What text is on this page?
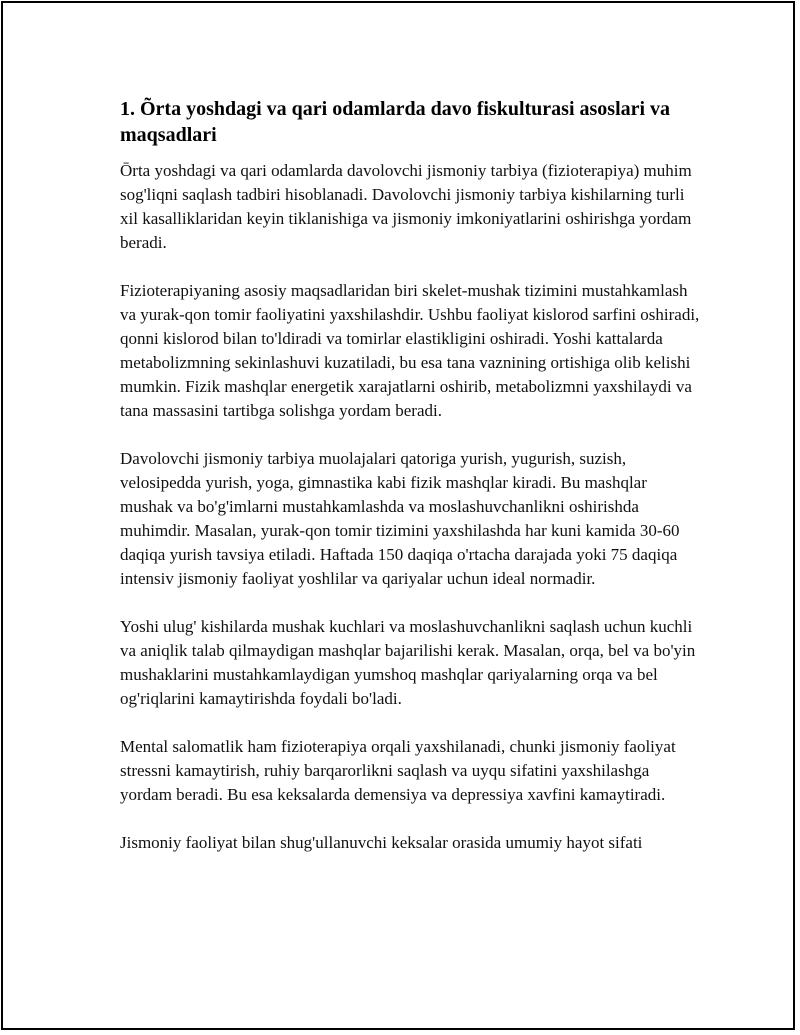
1. Õrta yoshdagi va qari odamlarda davo fiskulturasi asoslari va maqsadlari

Ōrta yoshdagi va qari odamlarda davolovchi jismoniy tarbiya (fizioterapiya) muhim sog'liqni saqlash tadbiri hisoblanadi. Davolovchi jismoniy tarbiya kishilarning turli xil kasalliklaridan keyin tiklanishiga va jismoniy imkoniyatlarini oshirishga yordam beradi.

Fizioterapiyaning asosiy maqsadlaridan biri skelet-mushak tizimini mustahkamlash va yurak-qon tomir faoliyatini yaxshilashdir. Ushbu faoliyat kislorod sarfini oshiradi, qonni kislorod bilan to'ldiradi va tomirlar elastikligini oshiradi. Yoshi kattalarda metabolizmning sekinlashuvi kuzatiladi, bu esa tana vaznining ortishiga olib kelishi mumkin. Fizik mashqlar energetik xarajatlarni oshirib, metabolizmni yaxshilaydi va tana massasini tartibga solishga yordam beradi.

Davolovchi jismoniy tarbiya muolajalari qatoriga yurish, yugurish, suzish, velosipedda yurish, yoga, gimnastika kabi fizik mashqlar kiradi. Bu mashqlar mushak va bo'g'imlarni mustahkamlashda va moslashuvchanlikni oshirishda muhimdir. Masalan, yurak-qon tomir tizimini yaxshilashda har kuni kamida 30-60 daqiqa yurish tavsiya etiladi. Haftada 150 daqiqa o'rtacha darajada yoki 75 daqiqa intensiv jismoniy faoliyat yoshlilar va qariyalar uchun ideal normadir.

Yoshi ulug' kishilarda mushak kuchlari va moslashuvchanlikni saqlash uchun kuchli va aniqlik talab qilmaydigan mashqlar bajarilishi kerak. Masalan, orqa, bel va bo'yin mushaklarini mustahkamlaydigan yumshoq mashqlar qariyalarning orqa va bel og'riqlarini kamaytirishda foydali bo'ladi.

Mental salomatlik ham fizioterapiya orqali yaxshilanadi, chunki jismoniy faoliyat stressni kamaytirish, ruhiy barqarorlikni saqlash va uyqu sifatini yaxshilashga yordam beradi. Bu esa keksalarda demensiya va depressiya xavfini kamaytiradi.

Jismoniy faoliyat bilan shug'ullanuvchi keksalar orasida umumiy hayot sifati
